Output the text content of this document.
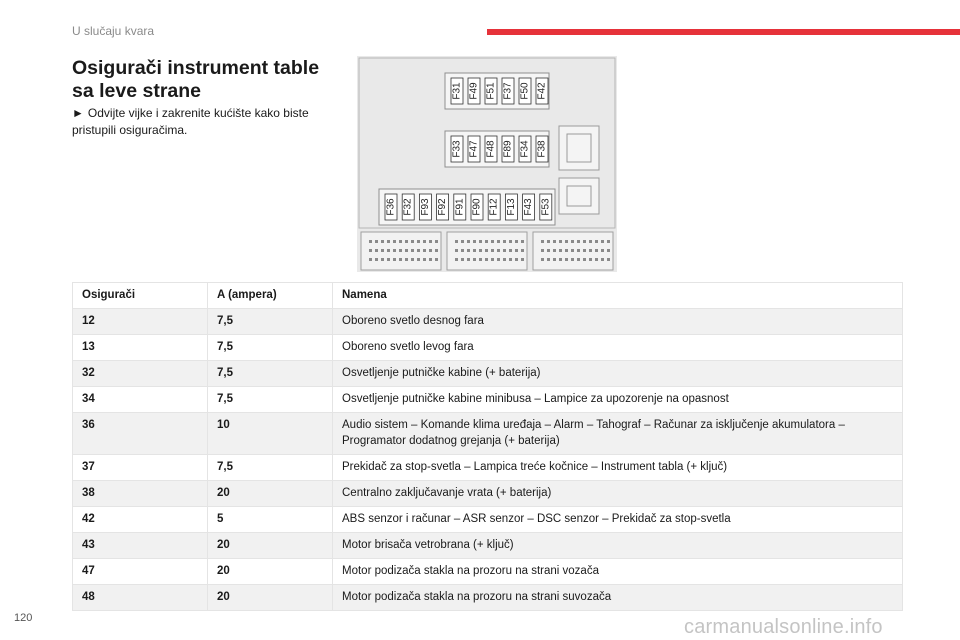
U slučaju kvara
Osigurači instrument table sa leve strane
► Odvijte vijke i zakrenite kućište kako biste pristupili osiguračima.
F31 F49 F51 F37 F50 F42
F33 F47 F48 F89 F34 F38
F36 F32 F93 F92 F91 F90 F12 F13 F43 F53
Osigurači	A (ampera)	Namena
12	7,5	Oboreno svetlo desnog fara
13	7,5	Oboreno svetlo levog fara
32	7,5	Osvetljenje putničke kabine (+ baterija)
34	7,5	Osvetljenje putničke kabine minibusa – Lampice za upozorenje na opasnost
36	10	Audio sistem – Komande klima uređaja – Alarm – Tahograf – Računar za isključenje akumulatora – Programator dodatnog grejanja (+ baterija)
37	7,5	Prekidač za stop-svetla – Lampica treće kočnice – Instrument tabla (+ ključ)
38	20	Centralno zaključavanje vrata (+ baterija)
42	5	ABS senzor i računar – ASR senzor – DSC senzor – Prekidač za stop-svetla
43	20	Motor brisača vetrobrana (+ ključ)
47	20	Motor podizača stakla na prozoru na strani vozača
48	20	Motor podizača stakla na prozoru na strani suvozača
120	carmanualsonline.info
